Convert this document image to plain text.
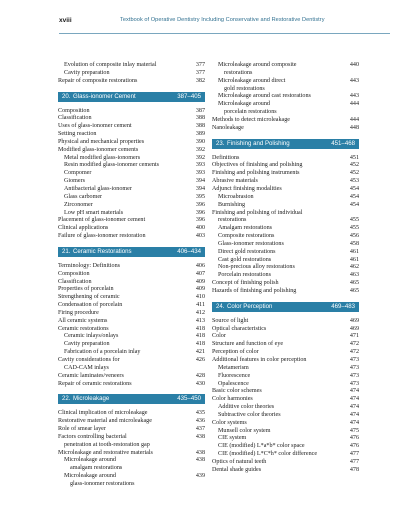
xviii	Textbook of Operative Dentistry Including Conservative and Restorative Dentistry
Evolution of composite inlay material	377
Cavity preparation	377
Repair of composite restorations	382
20. Glass-ionomer Cement	387–405
Composition	387
Classification	388
Uses of glass-ionomer cement	388
Setting reaction	389
Physical and mechanical properties	390
Modified glass-ionomer cements	392
Metal modified glass-ionomers	392
Resin modified glass-ionomer cements	393
Compomer	393
Giomers	394
Antibacterial glass-ionomer	394
Glass carbomer	395
Zirconomer	396
Low pH smart materials	396
Placement of glass-ionomer cement	396
Clinical applications	400
Failure of glass-ionomer restoration	403
21. Ceramic Restorations	406–434
Terminology: Definitions	406
Composition	407
Classification	409
Properties of porcelain	409
Strengthening of ceramic	410
Condensation of porcelain	411
Firing procedure	412
All ceramic systems	413
Ceramic restorations	418
Ceramic inlays/onlays	418
Cavity preparation	418
Fabrication of a porcelain inlay	421
Cavity considerations for	426
CAD-CAM inlays
Ceramic laminates/veneers	428
Repair of ceramic restorations	430
22. Microleakage	435–450
Clinical implication of microleakage	435
Restorative material and microleakage	436
Role of smear layer	437
Factors controlling bacterial	438
penetration at tooth-restoration gap
Microleakage and restorative materials	438
Microleakage around	438
amalgam restorations
Microleakage around	439
glass-ionomer restorations
Microleakage around composite	440
restorations
Microleakage around direct	443
gold restorations
Microleakage around cast restorations	443
Microleakage around	444
porcelain restorations
Methods to detect microleakage	444
Nanoleakage	448
23. Finishing and Polishing	451–468
Definitions	451
Objectives of finishing and polishing	452
Finishing and polishing instruments	452
Abrasive materials	453
Adjunct finishing modalities	454
Microabrasion	454
Burnishing	454
Finishing and polishing of individual
restorations	455
Amalgam restorations	455
Composite restorations	456
Glass-ionomer restorations	458
Direct gold restorations	461
Cast gold restorations	461
Non-precious alloy restorations	462
Porcelain restorations	463
Concept of finishing polish	465
Hazards of finishing and polishing	465
24. Color Perception	469–483
Source of light	469
Optical characteristics	469
Color	471
Structure and function of eye	472
Perception of color	472
Additional features in color perception	473
Metamerism	473
Fluorescence	473
Opalescence	473
Basic color schemes	474
Color harmonies	474
Additive color theories	474
Subtractive color theories	474
Color systems	474
Munsell color system	475
CIE system	476
CIE (modified) L*a*b* color space	476
CIE (modified) L*C*h* color difference	477
Optics of natural teeth	477
Dental shade guides	478
